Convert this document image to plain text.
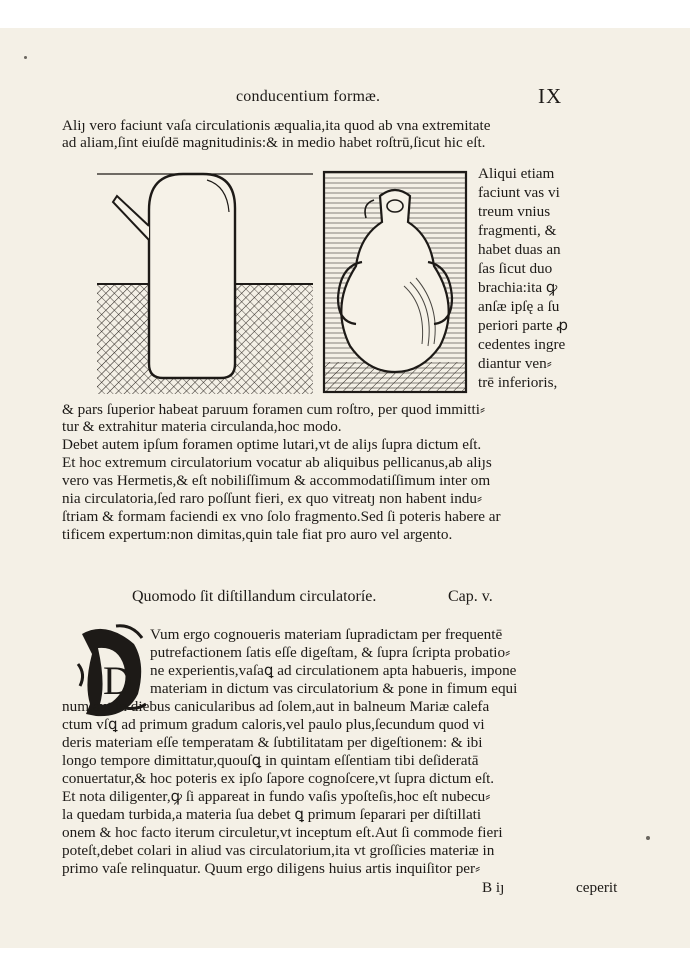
conducentium formæ.	IX
Aliȷ vero faciunt vaſa circulationis æqualia,ita quod ab vna extremitate
ad aliam,ſint eiuſdē magnitudinis:& in medio habet roſtrū,ſicut hic eſt.
Aliqui etiam
faciunt vas vi
treum vnius
fragmenti, &
habet duas an
ſas ſicut duo
brachia:ita ꝙ
anſæ ipſę a ſu
periori parte ꝓ
cedentes ingre
diantur ven⸗
trē inferioris,
& pars ſuperior habeat paruum foramen cum roſtro, per quod immitti⸗
tur & extrahitur materia circulanda,hoc modo.
Debet autem ipſum foramen optime lutari,vt de aliȷs ſupra dictum eſt.
Et hoc extremum circulatorium vocatur ab aliquibus pellicanus,ab aliȷs
vero vas Hermetis,& eſt nobiliſſimum & accommodatiſſimum inter om
nia circulatoria,ſed raro poſſunt fieri, ex quo vitreatȷ non habent indu⸗
ſtriam & formam faciendi ex vno ſolo fragmento.Sed ſi poteris habere ar
tificem expertum:non dimitas,quin tale fiat pro auro vel argento.
Quomodo ſit diſtillandum circulatoríe.	Cap. v.
D
Vum ergo cognoueris materiam ſupradictam per frequentē
putrefactionem ſatis eſſe digeſtam, & ſupra ſcripta probatio⸗
ne experientis,vaſaꝗ ad circulationem apta habueris, impone
materiam in dictum vas circulatorium & pone in fimum equi
num,aut in diebus canicularibus ad ſolem,aut in balneum Mariæ calefa
ctum vſꝗ ad primum gradum caloris,vel paulo plus,ſecundum quod vi
deris materiam eſſe temperatam & ſubtilitatam per digeſtionem: & ibi
longo tempore dimittatur,quouſꝗ in quintam eſſentiam tibi deſideratā
conuertatur,& hoc poteris ex ipſo ſapore cognoſcere,vt ſupra dictum eſt.
Et nota diligenter,ꝙ ſi appareat in fundo vaſis ypoſteſis,hoc eſt nubecu⸗
la quedam turbida,a materia ſua debet ꝗ primum ſeparari per diſtillati
onem & hoc facto iterum circuletur,vt inceptum eſt.Aut ſi commode fieri
poteſt,debet colari in aliud vas circulatorium,ita vt groſſicies materiæ in
primo vaſe relinquatur. Quum ergo diligens huius artis inquiſitor per⸗
B iȷ	ceperit
